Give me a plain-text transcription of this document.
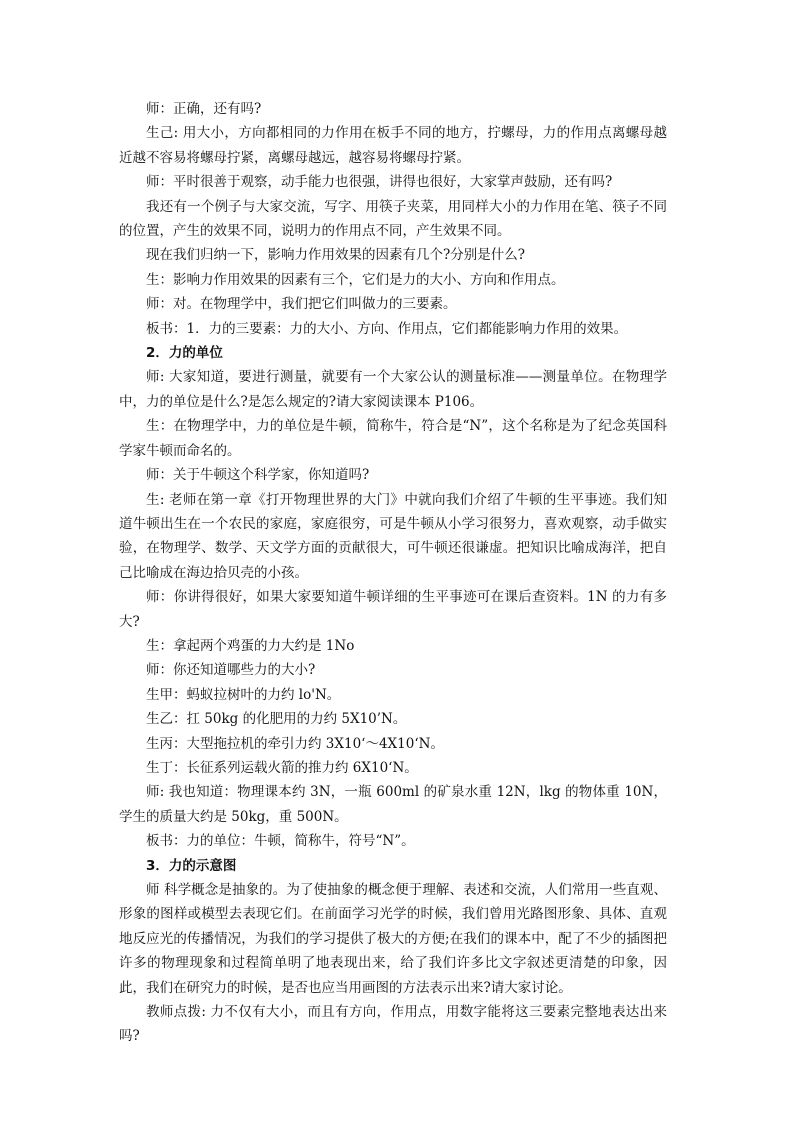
师：正确，还有吗?

生己: 用大小，方向都相同的力作用在板手不同的地方，拧螺母，力的作用点离螺母越近越不容易将螺母拧紧，离螺母越远，越容易将螺母拧紧。

师：平时很善于观察，动手能力也很强，讲得也很好，大家掌声鼓励，还有吗?

我还有一个例子与大家交流，写字、用筷子夹菜，用同样大小的力作用在笔、筷子不同的位置，产生的效果不同，说明力的作用点不同，产生效果不同。

现在我们归纳一下，影响力作用效果的因素有几个?分别是什么?

生：影响力作用效果的因素有三个，它们是力的大小、方向和作用点。

师：对。在物理学中，我们把它们叫做力的三要素。

板书：1．力的三要素：力的大小、方向、作用点，它们都能影响力作用的效果。

2．力的单位

师: 大家知道，要进行测量，就要有一个大家公认的测量标准——测量单位。在物理学中，力的单位是什么?是怎么规定的?请大家阅读课本 P106。

生：在物理学中，力的单位是牛顿，简称牛，符合是“N”，这个名称是为了纪念英国科学家牛顿而命名的。

师：关于牛顿这个科学家，你知道吗?

生: 老师在第一章《打开物理世界的大门》中就向我们介绍了牛顿的生平事迹。我们知道牛顿出生在一个农民的家庭，家庭很穷，可是牛顿从小学习很努力，喜欢观察，动手做实验，在物理学、数学、天文学方面的贡献很大，可牛顿还很谦虚。把知识比喻成海洋，把自己比喻成在海边拾贝壳的小孩。

师：你讲得很好，如果大家要知道牛顿详细的生平事迹可在课后查资料。1N 的力有多大?

生：拿起两个鸡蛋的力大约是 1No

师：你还知道哪些力的大小?

生甲：蚂蚁拉树叶的力约 lo'N。

生乙：扛 50kg 的化肥用的力约 5X10’N。

生丙：大型拖拉机的牵引力约 3X10‘～4X10‘N。

生丁：长征系列运载火箭的推力约 6X10‘N。

师: 我也知道：物理课本约 3N，一瓶 600ml 的矿泉水重 12N，lkg 的物体重 10N，学生的质量大约是 50kg，重 500N。

板书：力的单位：牛顿，简称牛，符号“N”。

3．力的示意图

师 科学概念是抽象的。为了使抽象的概念便于理解、表述和交流，人们常用一些直观、形象的图样或模型去表现它们。在前面学习光学的时候，我们曾用光路图形象、具体、直观地反应光的传播情况，为我们的学习提供了极大的方便;在我们的课本中，配了不少的插图把许多的物理现象和过程简单明了地表现出来，给了我们许多比文字叙述更清楚的印象，因此，我们在研究力的时候，是否也应当用画图的方法表示出来?请大家讨论。

教师点拨: 力不仅有大小，而且有方向，作用点，用数字能将这三要素完整地表达出来吗?
